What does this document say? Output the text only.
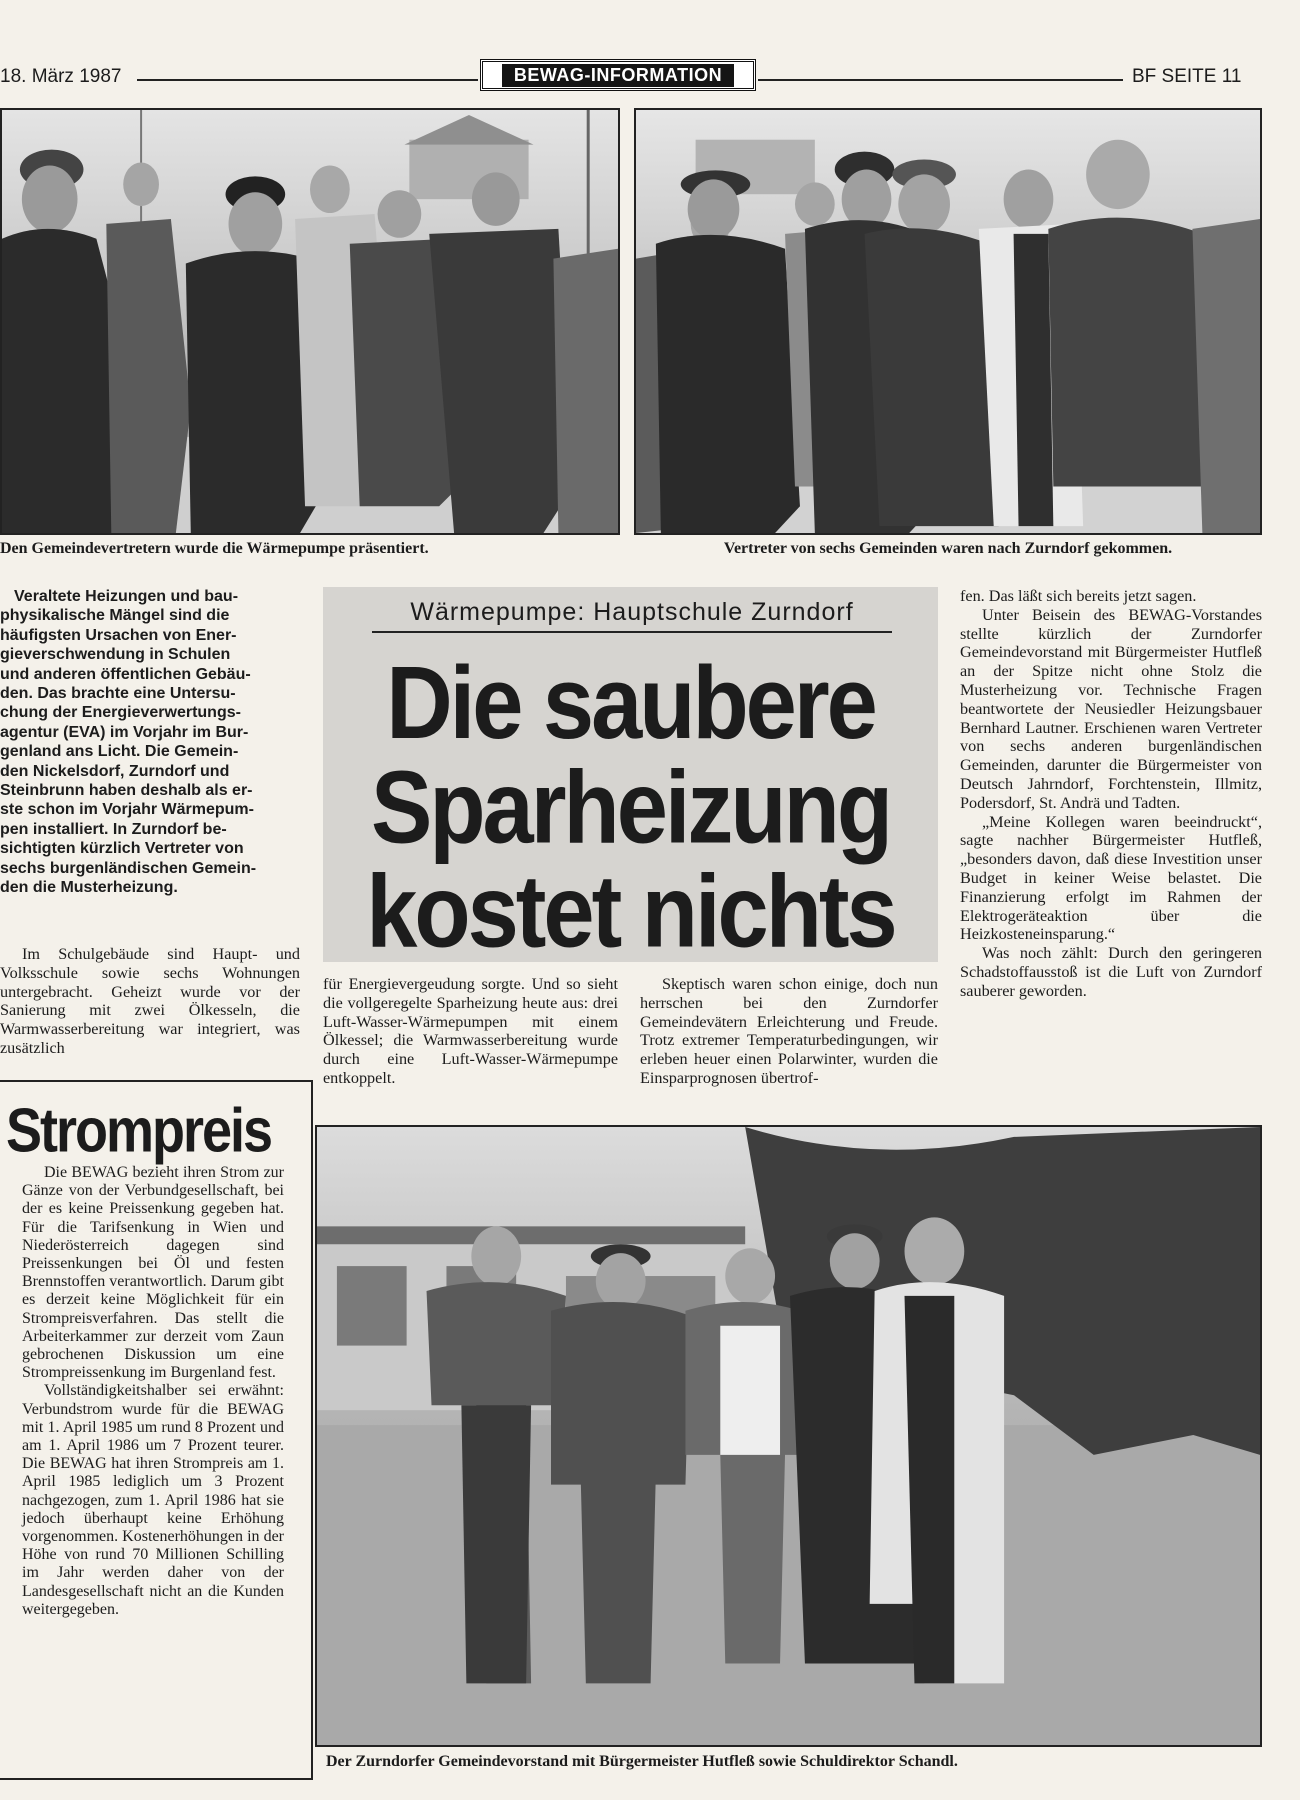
18. März 1987	BEWAG-INFORMATION	BF SEITE 11
Den Gemeindevertretern wurde die Wärmepumpe präsentiert.	Vertreter von sechs Gemeinden waren nach Zurndorf gekommen.
Veraltete Heizungen und bau-
physikalische Mängel sind die
häufigsten Ursachen von Ener-
gieverschwendung in Schulen
und anderen öffentlichen Gebäu-
den. Das brachte eine Untersu-
chung der Energieverwertungs-
agentur (EVA) im Vorjahr im Bur-
genland ans Licht. Die Gemein-
den Nickelsdorf, Zurndorf und
Steinbrunn haben deshalb als er-
ste schon im Vorjahr Wärmepum-
pen installiert. In Zurndorf be-
sichtigten kürzlich Vertreter von
sechs burgenländischen Gemein-
den die Musterheizung.

Im Schulgebäude sind Haupt- und Volksschule sowie sechs Wohnungen untergebracht. Geheizt wurde vor der Sanierung mit zwei Ölkesseln, die Warmwasserbereitung war integriert, was zusätzlich

Wärmepumpe: Hauptschule Zurndorf
Die saubere
Sparheizung
kostet nichts

für Energievergeudung sorgte. Und so sieht die vollgeregelte Sparheizung heute aus: drei Luft-Wasser-Wärmepumpen mit einem Ölkessel; die Warmwasserbereitung wurde durch eine Luft-Wasser-Wärmepumpe entkoppelt.

Skeptisch waren schon einige, doch nun herrschen bei den Zurndorfer Gemeindevätern Erleichterung und Freude. Trotz extremer Temperaturbedingungen, wir erleben heuer einen Polarwinter, wurden die Einsparprognosen übertrof-

fen. Das läßt sich bereits jetzt sagen.

Unter Beisein des BEWAG-Vorstandes stellte kürzlich der Zurndorfer Gemeindevorstand mit Bürgermeister Hutfleß an der Spitze nicht ohne Stolz die Musterheizung vor. Technische Fragen beantwortete der Neusiedler Heizungsbauer Bernhard Lautner. Erschienen waren Vertreter von sechs anderen burgenländischen Gemeinden, darunter die Bürgermeister von Deutsch Jahrndorf, Forchtenstein, Illmitz, Podersdorf, St. Andrä und Tadten.

„Meine Kollegen waren beeindruckt“, sagte nachher Bürgermeister Hutfleß, „besonders davon, daß diese Investition unser Budget in keiner Weise belastet. Die Finanzierung erfolgt im Rahmen der Elektrogeräteaktion über die Heizkosteneinsparung.“

Was noch zählt: Durch den geringeren Schadstoffausstoß ist die Luft von Zurndorf sauberer geworden.

Strompreis

Die BEWAG bezieht ihren Strom zur Gänze von der Verbundgesellschaft, bei der es keine Preissenkung gegeben hat. Für die Tarifsenkung in Wien und Niederösterreich dagegen sind Preissenkungen bei Öl und festen Brennstoffen verantwortlich. Darum gibt es derzeit keine Möglichkeit für ein Strompreisverfahren. Das stellt die Arbeiterkammer zur derzeit vom Zaun gebrochenen Diskussion um eine Strompreissenkung im Burgenland fest.

Vollständigkeitshalber sei erwähnt: Verbundstrom wurde für die BEWAG mit 1. April 1985 um rund 8 Prozent und am 1. April 1986 um 7 Prozent teurer. Die BEWAG hat ihren Strompreis am 1. April 1985 lediglich um 3 Prozent nachgezogen, zum 1. April 1986 hat sie jedoch überhaupt keine Erhöhung vorgenommen. Kostenerhöhungen in der Höhe von rund 70 Millionen Schilling im Jahr werden daher von der Landesgesellschaft nicht an die Kunden weitergegeben.

Der Zurndorfer Gemeindevorstand mit Bürgermeister Hutfleß sowie Schuldirektor Schandl.
